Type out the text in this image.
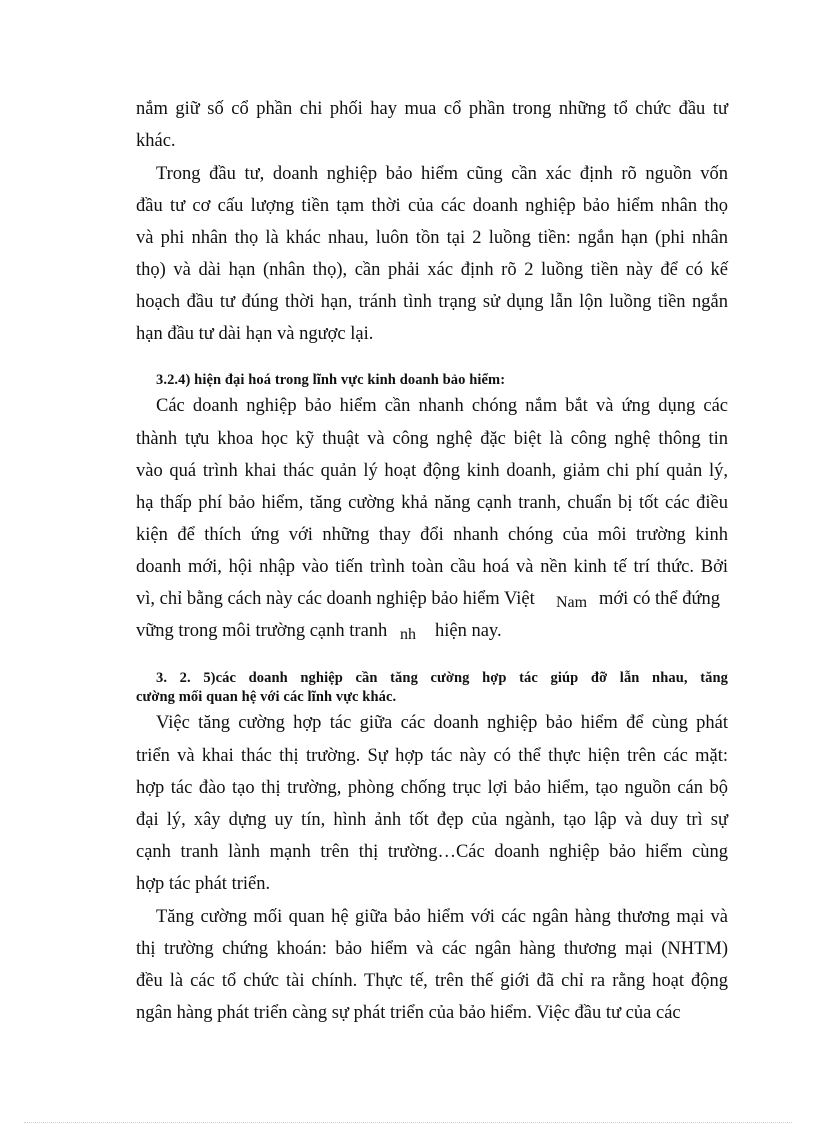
nắm giữ số cổ phần chi phối hay mua cổ phần trong những tổ chức đầu tư
khác.
Trong đầu tư, doanh nghiệp bảo hiểm cũng cần xác định rõ nguồn vốn
đầu tư cơ cấu lượng tiền tạm thời của các doanh nghiệp bảo hiểm nhân thọ
và phi nhân thọ là khác nhau, luôn tồn tại 2 luồng tiền: ngắn hạn (phi nhân
thọ) và dài hạn (nhân thọ), cần phải xác định rõ 2 luồng tiền này để có kế
hoạch đầu tư đúng thời hạn, tránh tình trạng sử dụng lẫn lộn luồng tiền ngắn
hạn đầu tư dài hạn và ngược lại.
3.2.4) hiện đại hoá trong lĩnh vực kinh doanh bảo hiểm:
Các doanh nghiệp bảo hiểm cần nhanh chóng nắm bắt và ứng dụng các
thành tựu khoa học kỹ thuật và công nghệ đặc biệt là công nghệ thông tin
vào quá trình khai thác quản lý hoạt động kinh doanh, giảm chi phí quản lý,
hạ thấp phí bảo hiểm, tăng cường khả năng cạnh tranh, chuẩn bị tốt các điều
kiện để thích ứng với những thay đổi nhanh chóng của môi trường kinh
doanh mới, hội nhập vào tiến trình toàn cầu hoá và nền kinh tế trí thức. Bởi
vì, chỉ bằng cách này các doanh nghiệp bảo hiểm Việt Nam mới có thể đứng
vững trong môi trường cạnh tranh nh hiện nay.
3. 2. 5)các doanh nghiệp cần tăng cường hợp tác giúp đỡ lẫn nhau, tăng
cường mối quan hệ với các lĩnh vực khác.
Việc tăng cường hợp tác giữa các doanh nghiệp bảo hiểm để cùng phát
triển và khai thác thị trường. Sự hợp tác này có thể thực hiện trên các mặt:
hợp tác đào tạo thị trường, phòng chống trục lợi bảo hiểm, tạo nguồn cán bộ
đại lý, xây dựng uy tín, hình ảnh tốt đẹp của ngành, tạo lập và duy trì sự
cạnh tranh lành mạnh trên thị trường…Các doanh nghiệp bảo hiểm cùng
hợp tác phát triển.
Tăng cường mối quan hệ giữa bảo hiểm với các ngân hàng thương mại và
thị trường chứng khoán: bảo hiểm và các ngân hàng thương mại (NHTM)
đều là các tổ chức tài chính. Thực tế, trên thế giới đã chỉ ra rằng hoạt động
ngân hàng phát triển càng sự phát triển của bảo hiểm. Việc đầu tư của các
